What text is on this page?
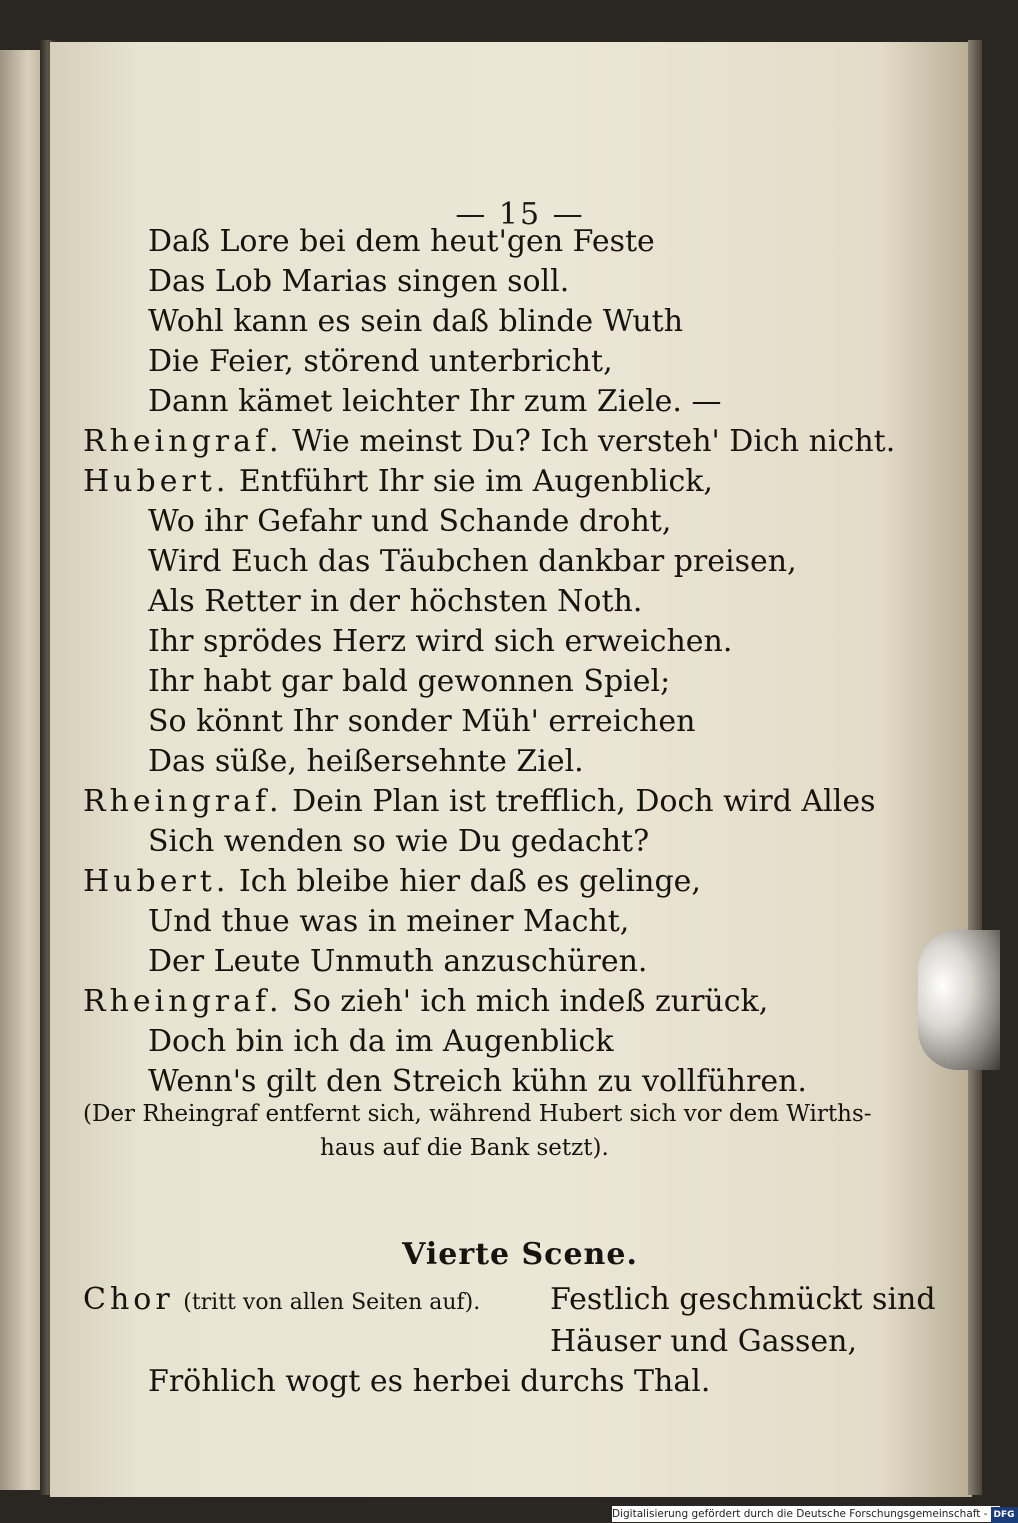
— 15 —
Daß Lore bei dem heut'gen Feste
Das Lob Marias singen soll.
Wohl kann es sein daß blinde Wuth
Die Feier, störend unterbricht,
Dann kämet leichter Ihr zum Ziele. —
Rheingraf. Wie meinst Du? Ich versteh' Dich nicht.
Hubert. Entführt Ihr sie im Augenblick,
Wo ihr Gefahr und Schande droht,
Wird Euch das Täubchen dankbar preisen,
Als Retter in der höchsten Noth.
Ihr sprödes Herz wird sich erweichen.
Ihr habt gar bald gewonnen Spiel;
So könnt Ihr sonder Müh' erreichen
Das süße, heißersehnte Ziel.
Rheingraf. Dein Plan ist trefflich, Doch wird Alles
Sich wenden so wie Du gedacht?
Hubert. Ich bleibe hier daß es gelinge,
Und thue was in meiner Macht,
Der Leute Unmuth anzuschüren.
Rheingraf. So zieh' ich mich indeß zurück,
Doch bin ich da im Augenblick
Wenn's gilt den Streich kühn zu vollführen.
(Der Rheingraf entfernt sich, während Hubert sich vor dem Wirths-
haus auf die Bank setzt).
Vierte Scene.
Chor (tritt von allen Seiten auf). Festlich geschmückt sind
Häuser und Gassen,
Fröhlich wogt es herbei durchs Thal.
Digitalisierung gefördert durch die Deutsche Forschungsgemeinschaft - DFG
